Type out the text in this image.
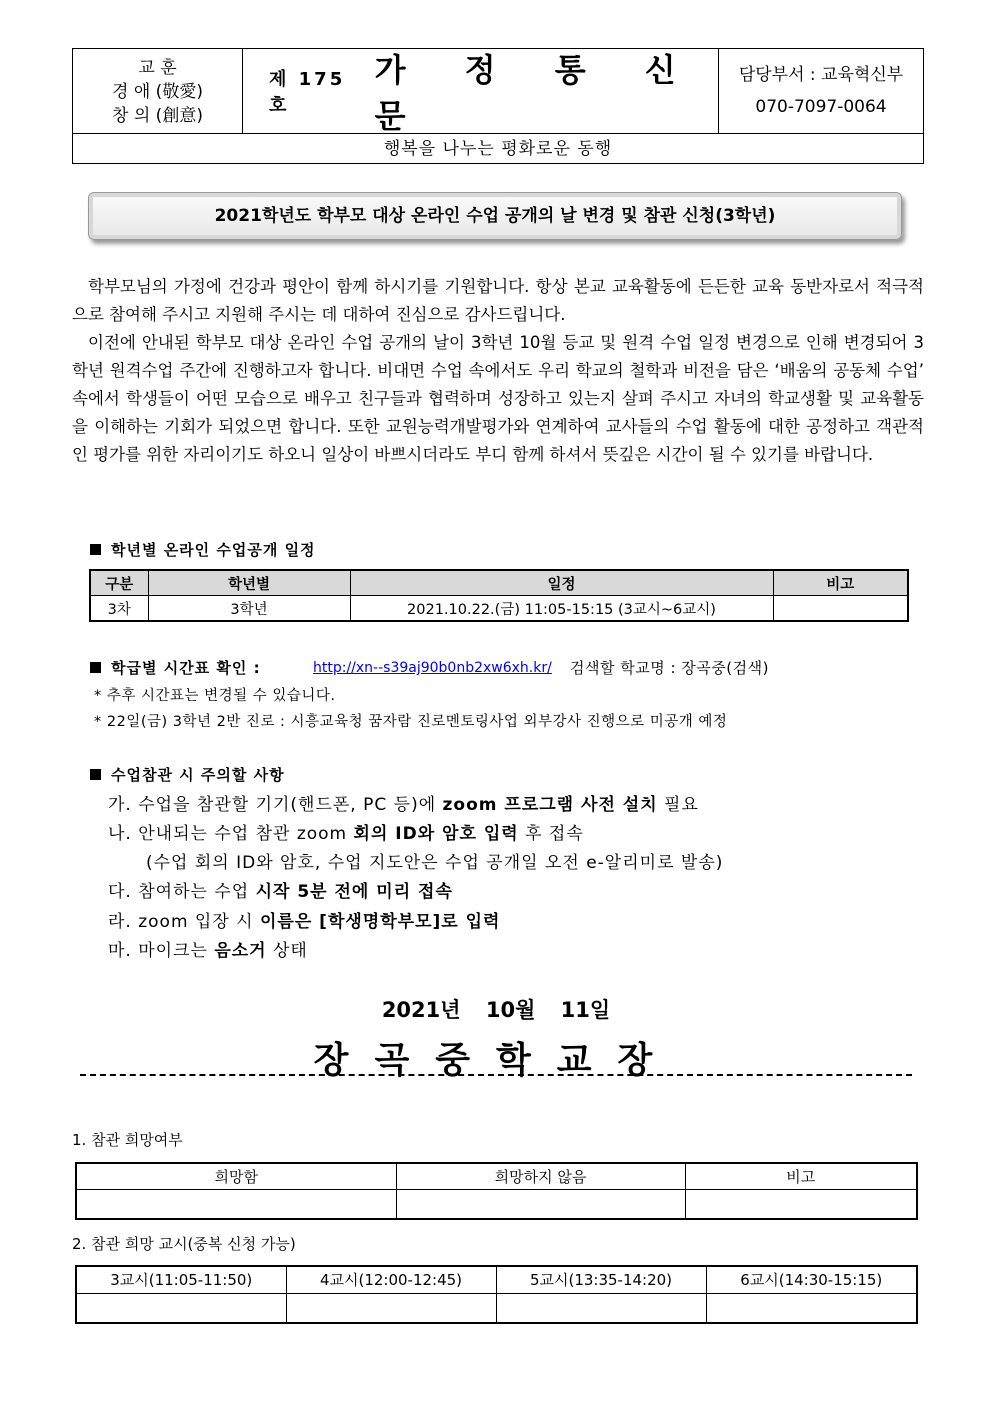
교 훈
경 애 (敬愛)
창 의 (創意)
제 175 호
가 정 통 신 문
담당부서 : 교육혁신부
070-7097-0064
행복을 나누는 평화로운 동행
2021학년도 학부모 대상 온라인 수업 공개의 날 변경 및 참관 신청(3학년)

학부모님의 가정에 건강과 평안이 함께 하시기를 기원합니다. 항상 본교 교육활동에 든든한 교육 동반자로서 적극적으로 참여해 주시고 지원해 주시는 데 대하여 진심으로 감사드립니다.

이전에 안내된 학부모 대상 온라인 수업 공개의 날이 3학년 10월 등교 및 원격 수업 일정 변경으로 인해 변경되어 3학년 원격수업 주간에 진행하고자 합니다. 비대면 수업 속에서도 우리 학교의 철학과 비전을 담은 ‘배움의 공동체 수업’ 속에서 학생들이 어떤 모습으로 배우고 친구들과 협력하며 성장하고 있는지 살펴 주시고 자녀의 학교생활 및 교육활동을 이해하는 기회가 되었으면 합니다. 또한 교원능력개발평가와 연계하여 교사들의 수업 활동에 대한 공정하고 객관적인 평가를 위한 자리이기도 하오니 일상이 바쁘시더라도 부디 함께 하셔서 뜻깊은 시간이 될 수 있기를 바랍니다.

학년별 온라인 수업공개 일정
구분	학년별	일정	비고
3차	3학년	2021.10.22.(금) 11:05-15:15 (3교시~6교시)	
학급별 시간표 확인 :	http://xn--s39aj90b0nb2xw6xh.kr/ 검색할 학교명 : 장곡중(검색)
* 추후 시간표는 변경될 수 있습니다.
* 22일(금) 3학년 2반 진로 : 시흥교육청 꿈자람 진로멘토링사업 외부강사 진행으로 미공개 예정
수업참관 시 주의할 사항
가. 수업을 참관할 기기(핸드폰, PC 등)에 zoom 프로그램 사전 설치 필요
나. 안내되는 수업 참관 zoom 회의 ID와 암호 입력 후 접속
(수업 회의 ID와 암호, 수업 지도안은 수업 공개일 오전 e-알리미로 발송)
다. 참여하는 수업 시작 5분 전에 미리 접속
라. zoom 입장 시 이름은 [학생명학부모]로 입력
마. 마이크는 음소거 상태
2021년 10월 11일
장곡중학교장
1. 참관 희망여부
희망함	희망하지 않음	비고

2. 참관 희망 교시(중복 신청 가능)
3교시(11:05-11:50)	4교시(12:00-12:45)	5교시(13:35-14:20)	6교시(14:30-15:15)
